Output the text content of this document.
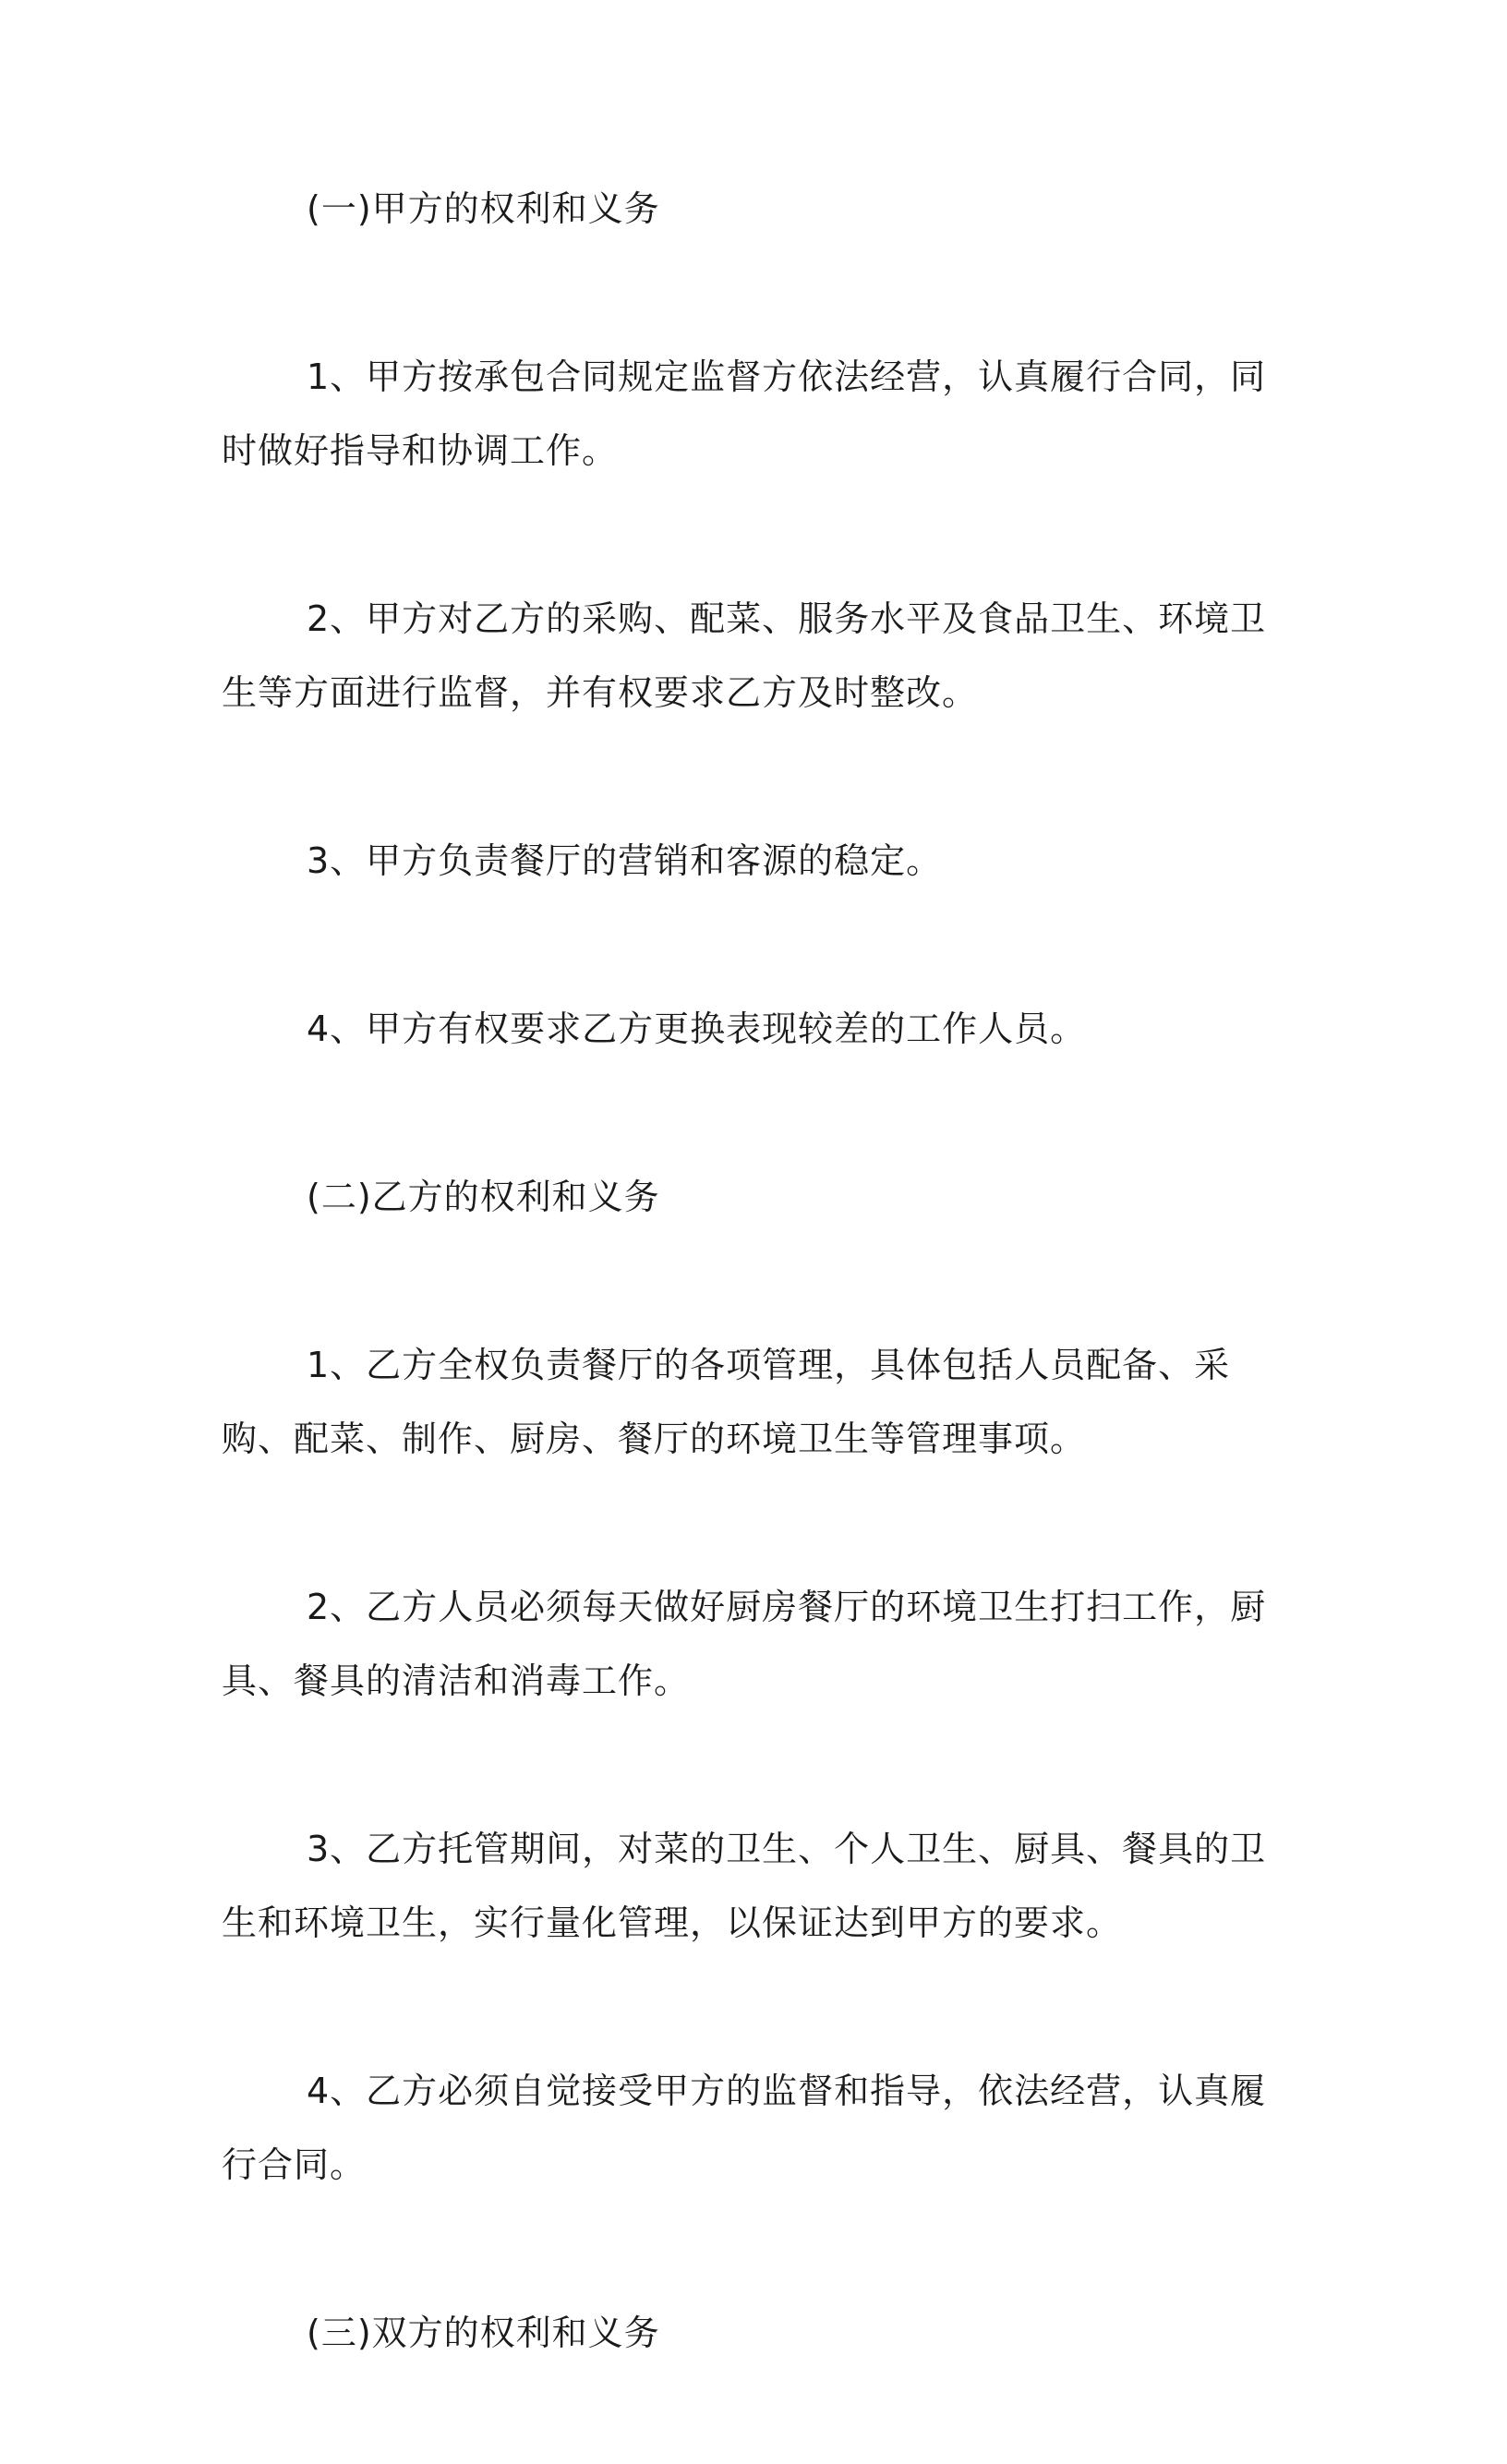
(一)甲方的权利和义务

1、甲方按承包合同规定监督方依法经营，认真履行合同，同时做好指导和协调工作。

2、甲方对乙方的采购、配菜、服务水平及食品卫生、环境卫生等方面进行监督，并有权要求乙方及时整改。

3、甲方负责餐厅的营销和客源的稳定。

4、甲方有权要求乙方更换表现较差的工作人员。

(二)乙方的权利和义务

1、乙方全权负责餐厅的各项管理，具体包括人员配备、采购、配菜、制作、厨房、餐厅的环境卫生等管理事项。

2、乙方人员必须每天做好厨房餐厅的环境卫生打扫工作，厨具、餐具的清洁和消毒工作。

3、乙方托管期间，对菜的卫生、个人卫生、厨具、餐具的卫生和环境卫生，实行量化管理，以保证达到甲方的要求。

4、乙方必须自觉接受甲方的监督和指导，依法经营，认真履行合同。

(三)双方的权利和义务
